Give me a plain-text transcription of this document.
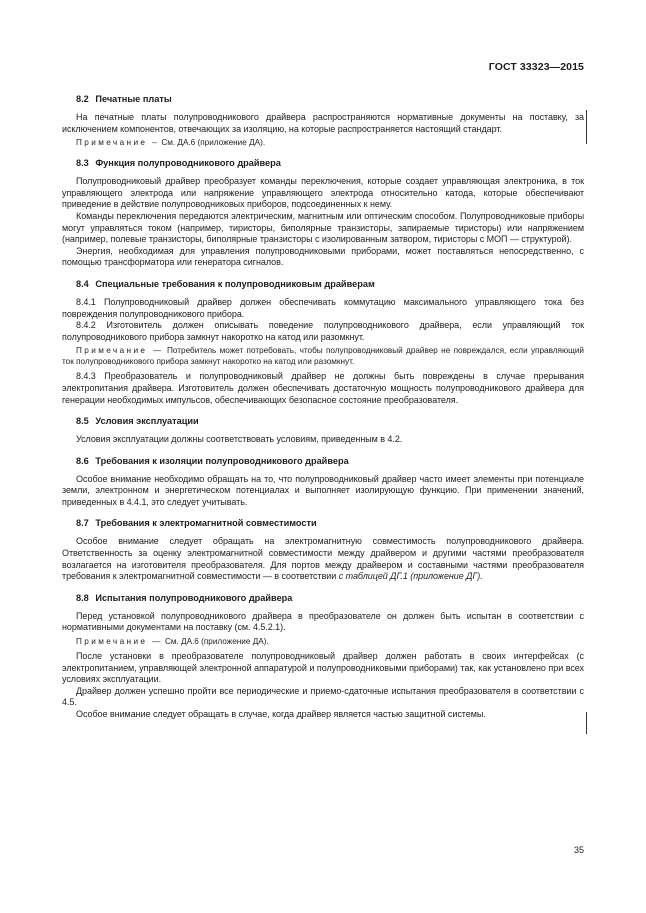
ГОСТ 33323—2015
8.2 Печатные платы

На печатные платы полупроводникового драйвера распространяются нормативные документы на поставку, за исключением компонентов, отвечающих за изоляцию, на которые распространяется настоящий стандарт.

Примечание – См. ДА.6 (приложение ДА).
8.3 Функция полупроводникового драйвера

Полупроводниковый драйвер преобразует команды переключения, которые создает управляющая электроника, в ток управляющего электрода или напряжение управляющего электрода относительно катода, которые обеспечивают приведение в действие полупроводниковых приборов, подсоединенных к нему.

Команды переключения передаются электрическим, магнитным или оптическим способом. Полупроводниковые приборы могут управляться током (например, тиристоры, биполярные транзисторы, запираемые тиристоры) или напряжением (например, полевые транзисторы, биполярные транзисторы с изолированным затвором, тиристоры с МОП — структурой).

Энергия, необходимая для управления полупроводниковыми приборами, может поставляться непосредственно, с помощью трансформатора или генератора сигналов.

8.4 Специальные требования к полупроводниковым драйверам

8.4.1 Полупроводниковый драйвер должен обеспечивать коммутацию максимального управляющего тока без повреждения полупроводникового прибора.

8.4.2 Изготовитель должен описывать поведение полупроводникового драйвера, если управляющий ток полупроводникового прибора замкнут накоротко на катод или разомкнут.

Примечание — Потребитель может потребовать, чтобы полупроводниковый драйвер не повреждался, если управляющий ток полупроводникового прибора замкнут накоротко на катод или разомкнут.

8.4.3 Преобразователь и полупроводниковый драйвер не должны быть повреждены в случае прерывания электропитания драйвера. Изготовитель должен обеспечивать достаточную мощность полупроводникового драйвера для генерации необходимых импульсов, обеспечивающих безопасное состояние преобразователя.

8.5 Условия эксплуатации

Условия эксплуатации должны соответствовать условиям, приведенным в 4.2.

8.6 Требования к изоляции полупроводникового драйвера

Особое внимание необходимо обращать на то, что полупроводниковый драйвер часто имеет элементы при потенциале земли, электронном и энергетическом потенциалах и выполняет изолирующую функцию. При применении значений, приведенных в 4.4.1, это следует учитывать.

8.7 Требования к электромагнитной совместимости

Особое внимание следует обращать на электромагнитную совместимость полупроводникового драйвера. Ответственность за оценку электромагнитной совместимости между драйвером и другими частями преобразователя возлагается на изготовителя преобразователя. Для портов между драйвером и составными частями преобразователя требования к электромагнитной совместимости — в соответствии с таблицей ДГ.1 (приложение ДГ).

8.8 Испытания полупроводникового драйвера

Перед установкой полупроводникового драйвера в преобразователе он должен быть испытан в соответствии с нормативными документами на поставку (см. 4.5.2.1).

Примечание — См. ДА.6 (приложение ДА).

После установки в преобразователе полупроводниковый драйвер должен работать в своих интерфейсах (с электропитанием, управляющей электронной аппаратурой и полупроводниковыми приборами) так, как установлено при всех условиях эксплуатации.

Драйвер должен успешно пройти все периодические и приемо-сдаточные испытания преобразователя в соответствии с 4.5.

Особое внимание следует обращать в случае, когда драйвер является частью защитной системы.

35
